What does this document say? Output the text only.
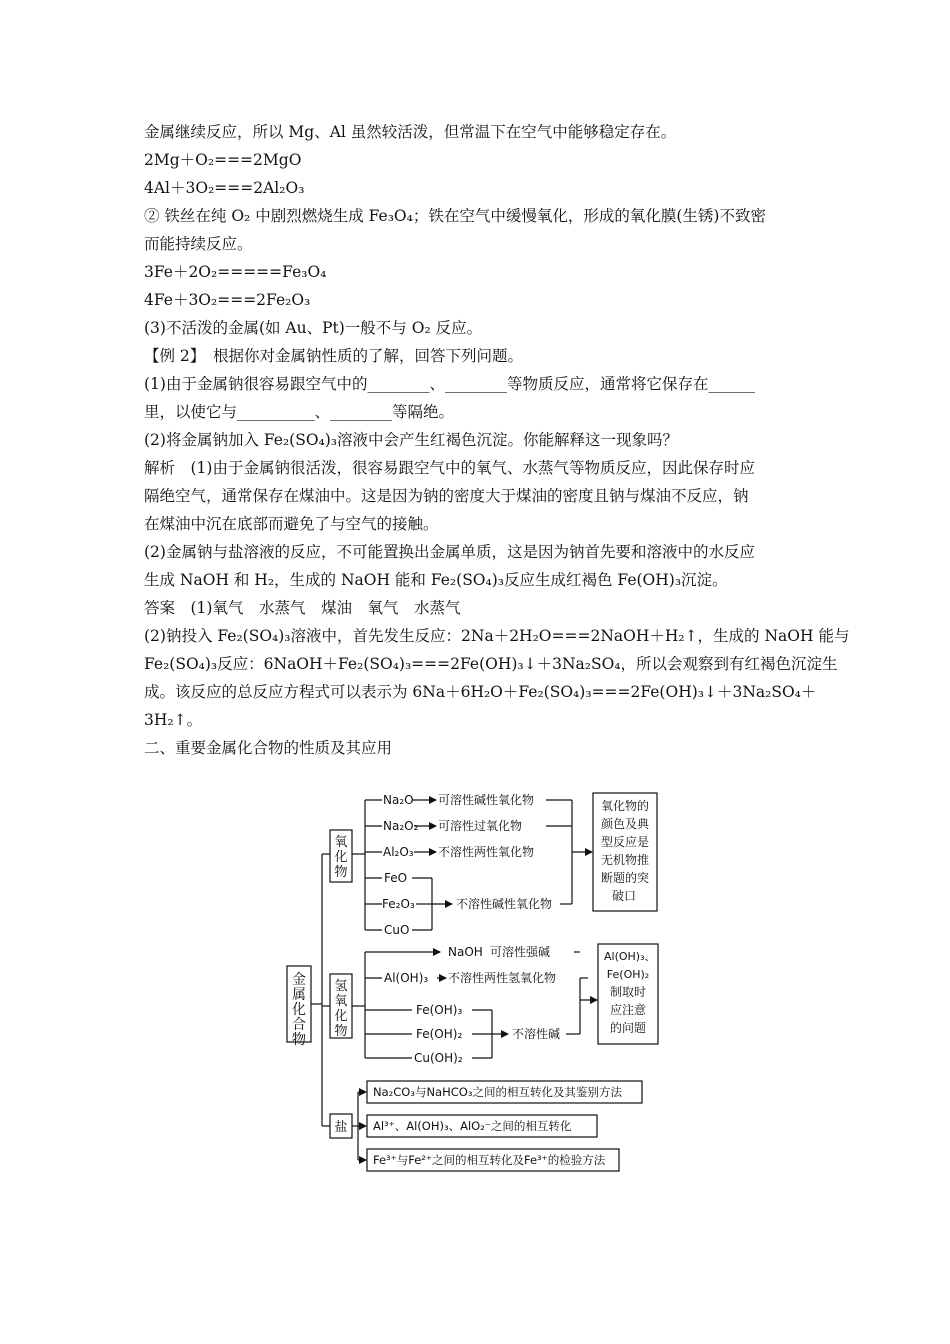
金属继续反应，所以 Mg、Al 虽然较活泼，但常温下在空气中能够稳定存在。
2Mg＋O₂===2MgO
4Al＋3O₂===2Al₂O₃
② 铁丝在纯 O₂ 中剧烈燃烧生成 Fe₃O₄；铁在空气中缓慢氧化，形成的氧化膜(生锈)不致密
而能持续反应。
3Fe＋2O₂=====Fe₃O₄
4Fe＋3O₂===2Fe₂O₃
(3)不活泼的金属(如 Au、Pt)一般不与 O₂ 反应。
【例 2】　根据你对金属钠性质的了解，回答下列问题。
(1)由于金属钠很容易跟空气中的________、________等物质反应，通常将它保存在______
里，以使它与__________、________等隔绝。
(2)将金属钠加入 Fe₂(SO₄)₃溶液中会产生红褐色沉淀。你能解释这一现象吗？
解析　(1)由于金属钠很活泼，很容易跟空气中的氧气、水蒸气等物质反应，因此保存时应
隔绝空气，通常保存在煤油中。这是因为钠的密度大于煤油的密度且钠与煤油不反应，钠
在煤油中沉在底部而避免了与空气的接触。
(2)金属钠与盐溶液的反应，不可能置换出金属单质，这是因为钠首先要和溶液中的水反应
生成 NaOH 和 H₂，生成的 NaOH 能和 Fe₂(SO₄)₃反应生成红褐色 Fe(OH)₃沉淀。
答案　(1)氧气　水蒸气　煤油　氧气　水蒸气
(2)钠投入 Fe₂(SO₄)₃溶液中，首先发生反应：2Na＋2H₂O===2NaOH＋H₂↑，生成的 NaOH 能与
Fe₂(SO₄)₃反应：6NaOH＋Fe₂(SO₄)₃===2Fe(OH)₃↓＋3Na₂SO₄，所以会观察到有红褐色沉淀生
成。该反应的总反应方程式可以表示为 6Na＋6H₂O＋Fe₂(SO₄)₃===2Fe(OH)₃↓＋3Na₂SO₄＋
3H₂↑。
二、重要金属化合物的性质及其应用
金
属
化
合
物
氧
化
物
氢
氧
化
物
盐
Na₂O 可溶性碱性氧化物
Na₂O₂ 可溶性过氧化物
Al₂O₃ 不溶性两性氧化物
FeO
Fe₂O₃
CuO
不溶性碱性氧化物
氧化物的
颜色及典
型反应是
无机物推
断题的突
破口
NaOH 可溶性强碱
Al(OH)₃ 不溶性两性氢氧化物
Fe(OH)₃
Fe(OH)₂
Cu(OH)₂
不溶性碱
Al(OH)₃、
Fe(OH)₂
制取时
应注意
的问题
Na₂CO₃与NaHCO₃之间的相互转化及其鉴别方法
Al³⁺、Al(OH)₃、AlO₂⁻之间的相互转化
Fe³⁺与Fe²⁺之间的相互转化及Fe³⁺的检验方法
